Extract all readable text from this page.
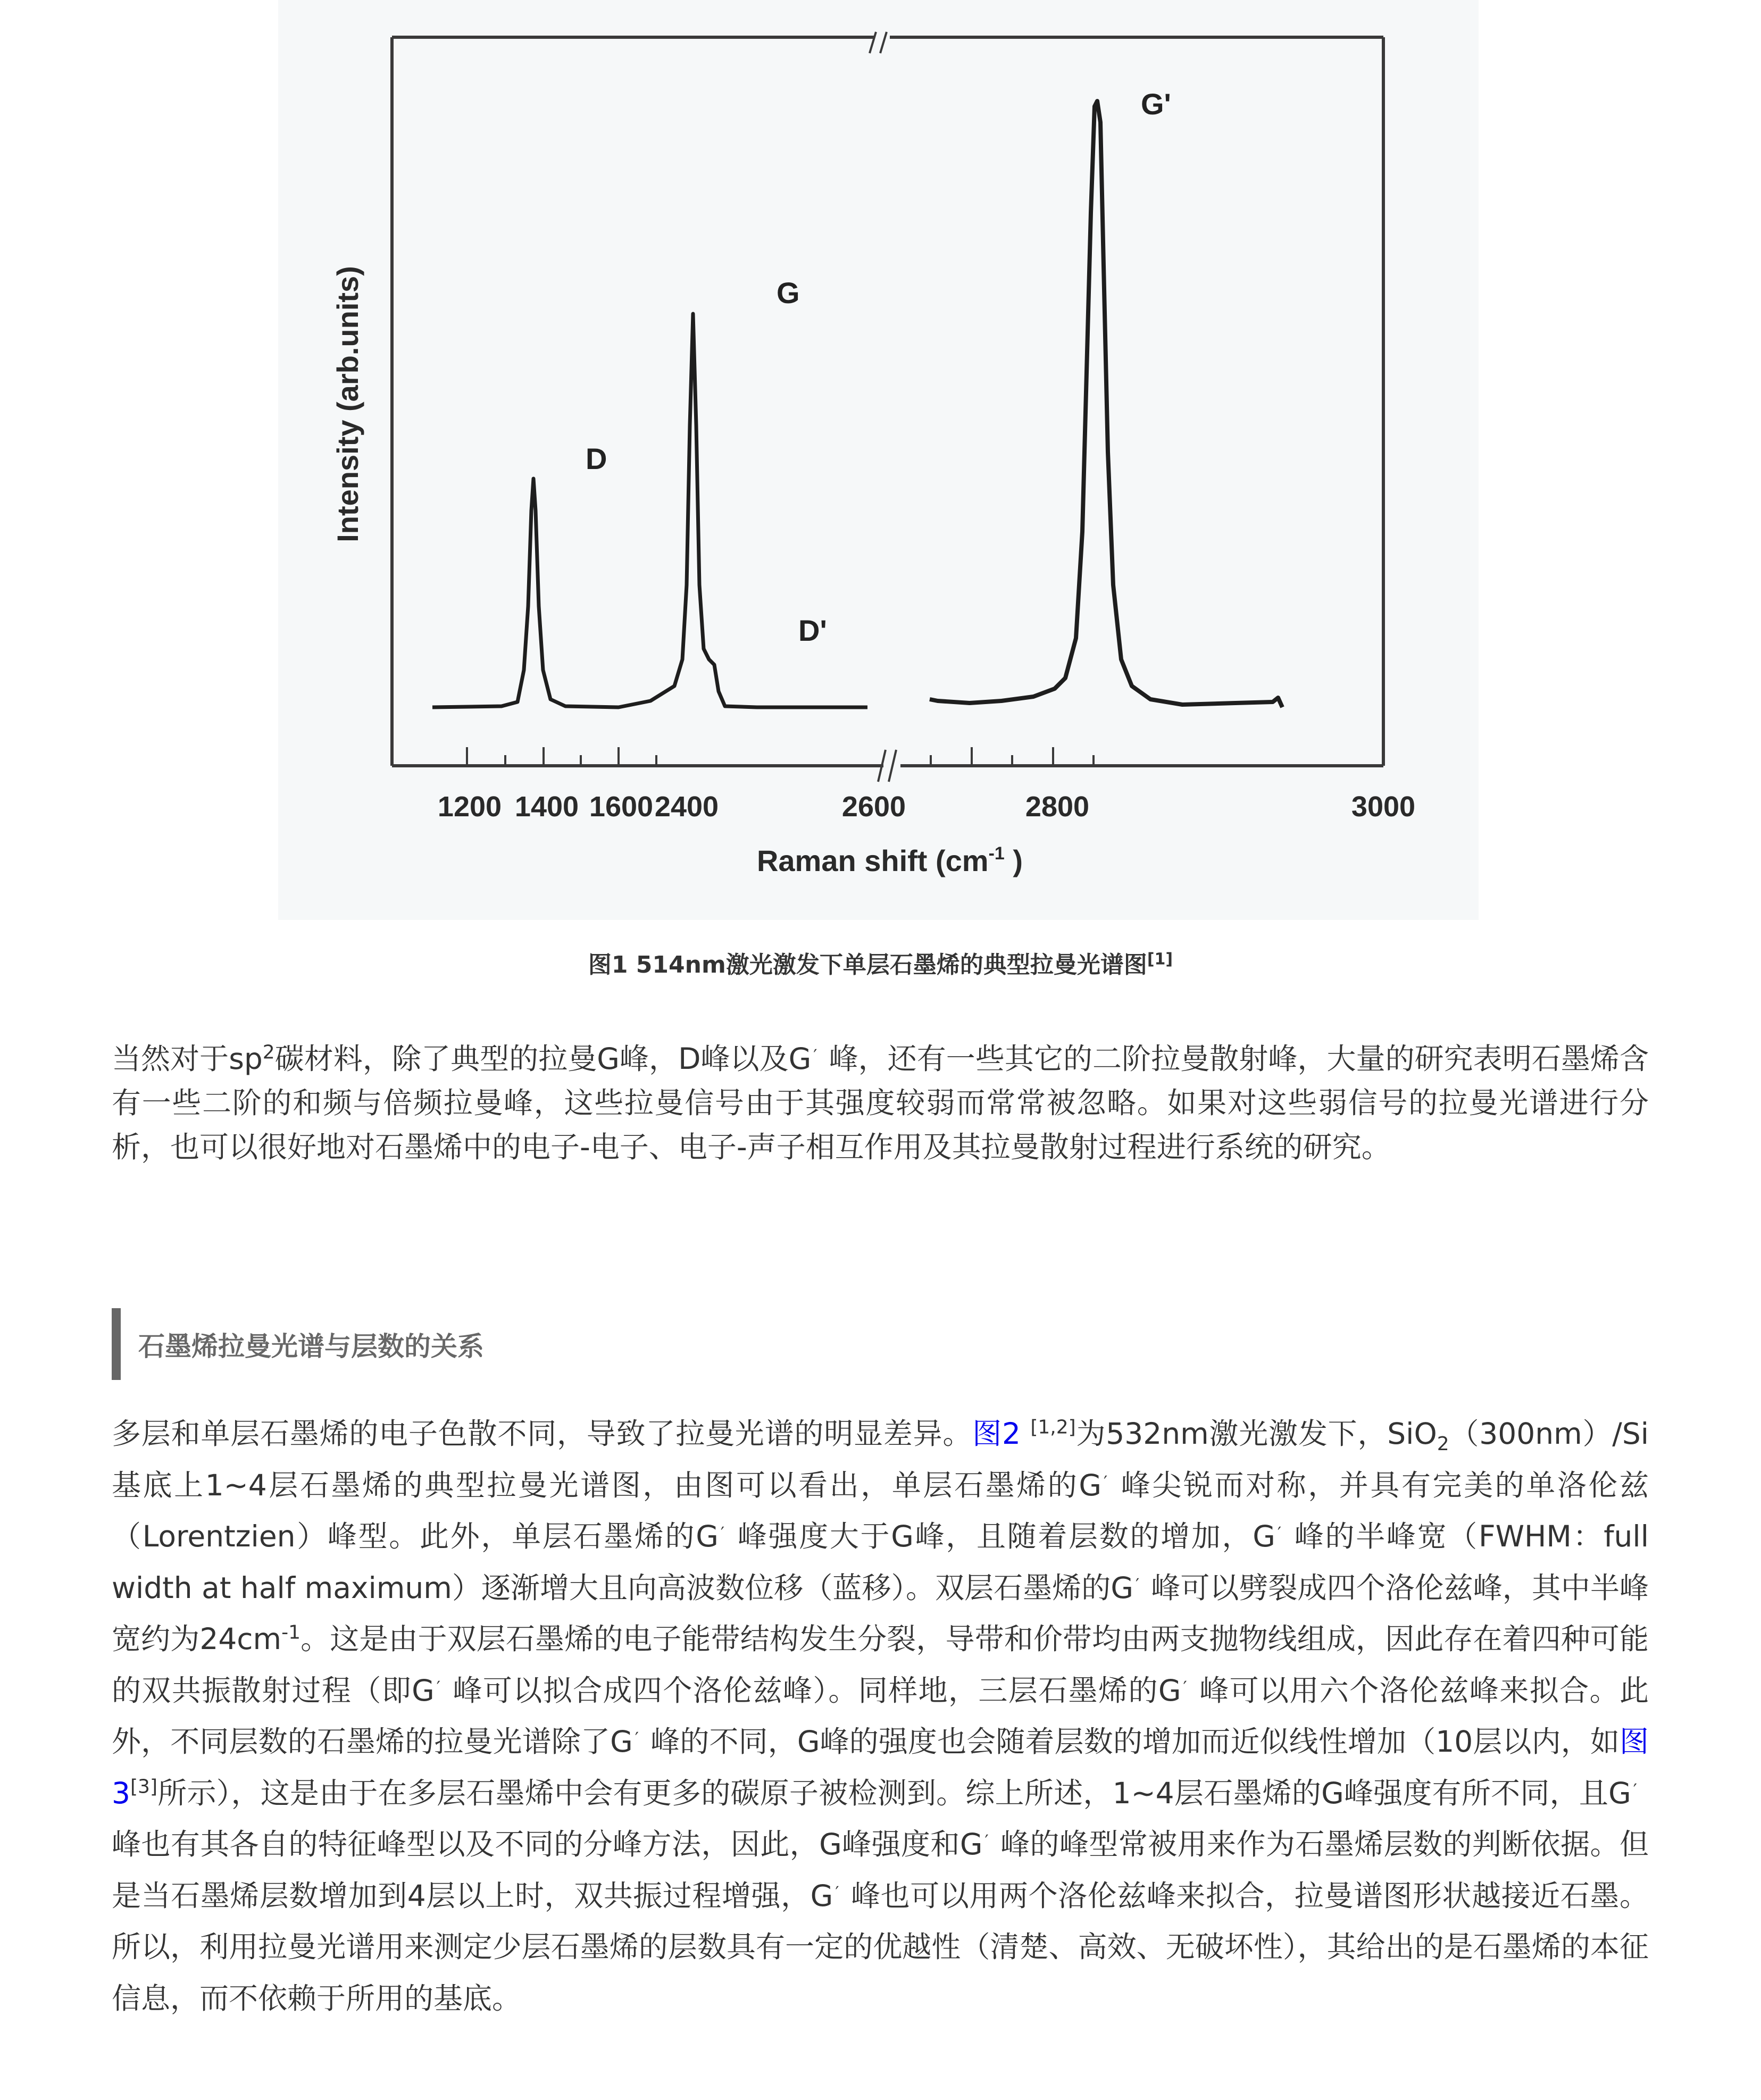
D
G
D'
G'
1200 1400 1600 2400	2600	2800	3000
Raman shift ($cm^{-1}$ )
Intensity (arb.units)
图1 514nm激光激发下单层石墨烯的典型拉曼光谱图[1]
当然对于$sp^2$碳材料，除了典型的拉曼G峰，D峰以及G ′ 峰，还有一些其它的二阶拉曼散射峰，大量的研究表明石墨烯含有一些二阶的和频与倍频拉曼峰，这些拉曼信号由于其强度较弱而常常被忽略。如果对这些弱信号的拉曼光谱进行分析，也可以很好地对石墨烯中的电子-电子、电子-声子相互作用及其拉曼散射过程进行系统的研究。
石墨烯拉曼光谱与层数的关系
多层和单层石墨烯的电子色散不同，导致了拉曼光谱的明显差异。图2 [1,2]为532nm激光激发下，SiO$_2$（300nm）/Si基底上1~4层石墨烯的典型拉曼光谱图，由图可以看出，单层石墨烯的G ′ 峰尖锐而对称，并具有完美的单洛伦兹（Lorentzien）峰型。此外，单层石墨烯的G ′ 峰强度大于G峰，且随着层数的增加，G ′ 峰的半峰宽（FWHM：full width at half maximum）逐渐增大且向高波数位移（蓝移）。双层石墨烯的G ′ 峰可以劈裂成四个洛伦兹峰，其中半峰宽约为$24cm^{-1}$。这是由于双层石墨烯的电子能带结构发生分裂，导带和价带均由两支抛物线组成，因此存在着四种可能的双共振散射过程（即G ′ 峰可以拟合成四个洛伦兹峰）。同样地，三层石墨烯的G ′ 峰可以用六个洛伦兹峰来拟合。此外，不同层数的石墨烯的拉曼光谱除了G ′ 峰的不同，G峰的强度也会随着层数的增加而近似线性增加（10层以内，如图3[3]所示），这是由于在多层石墨烯中会有更多的碳原子被检测到。综上所述，1~4层石墨烯的G峰强度有所不同，且G ′峰也有其各自的特征峰型以及不同的分峰方法，因此，G峰强度和G ′ 峰的峰型常被用来作为石墨烯层数的判断依据。但是当石墨烯层数增加到4层以上时，双共振过程增强，G ′ 峰也可以用两个洛伦兹峰来拟合，拉曼谱图形状越接近石墨。所以，利用拉曼光谱用来测定少层石墨烯的层数具有一定的优越性（清楚、高效、无破坏性），其给出的是石墨烯的本征信息，而不依赖于所用的基底。
